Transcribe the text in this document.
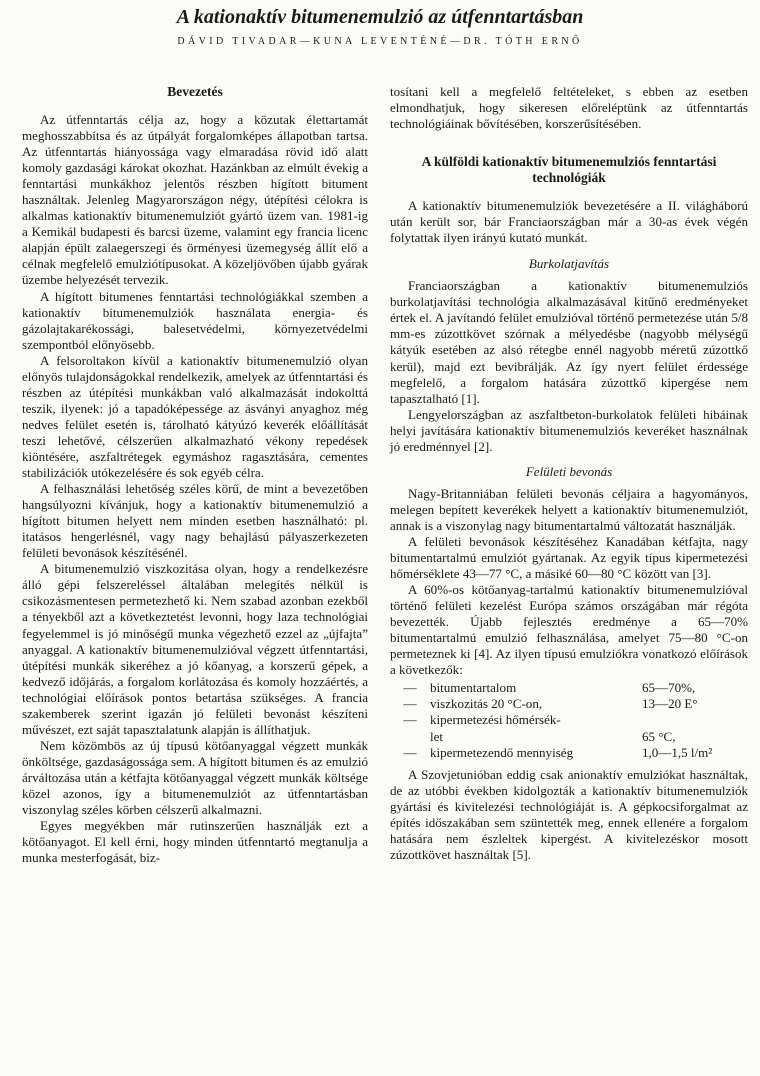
A kationaktív bitumenemulzió az útfenntartásban
DÁVID TIVADAR—KUNA LEVENTÉNÉ—DR. TÓTH ERNŐ
Bevezetés

Az útfenntartás célja az, hogy a közutak élettartamát meghosszabbítsa és az útpályát forgalomképes állapotban tartsa. Az útfenntartás hiányossága vagy elmaradása rövid idő alatt komoly gazdasági károkat okozhat. Hazánkban az elmúlt évekig a fenntartási munkákhoz jelentős részben hígított bitument használtak. Jelenleg Magyarországon négy, útépítési célokra is alkalmas kationaktív bitumenemulziót gyártó üzem van. 1981-ig a Kemikál budapesti és barcsi üzeme, valamint egy francia licenc alapján épült zalaegerszegi és örményesi üzemegység állít elő a célnak megfelelő emulziótípusokat. A közeljövőben újabb gyárak üzembe helyezését tervezik.

A hígított bitumenes fenntartási technológiákkal szemben a kationaktív bitumenemulziók használata energia- és gázolajtakarékossági, balesetvédelmi, környezetvédelmi szempontból előnyösebb.

A felsoroltakon kívül a kationaktív bitumenemulzió olyan előnyös tulajdonságokkal rendelkezik, amelyek az útfenntartási és részben az útépítési munkákban való alkalmazását indokolttá teszik, ilyenek: jó a tapadóképessége az ásványi anyaghoz még nedves felület esetén is, tárolható kátyúzó keverék előállítását teszi lehetővé, célszerűen alkalmazható vékony repedések kiöntésére, aszfaltrétegek egymáshoz ragasztására, cementes stabilizációk utókezelésére és sok egyéb célra.

A felhasználási lehetőség széles körű, de mint a bevezetőben hangsúlyozni kívánjuk, hogy a kationaktív bitumenemulzió a hígított bitumen helyett nem minden esetben használható: pl. itatásos hengerlésnél, vagy nagy behajlású pályaszerkezeten felületi bevonások készítésénél.

A bitumenemulzió viszkozitása olyan, hogy a rendelkezésre álló gépi felszereléssel általában melegítés nélkül is csikozásmentesen permetezhető ki. Nem szabad azonban ezekből a tényekből azt a következtetést levonni, hogy laza technológiai fegyelemmel is jó minőségű munka végezhető ezzel az „újfajta” anyaggal. A kationaktív bitumenemulzióval végzett útfenntartási, útépítési munkák sikeréhez a jó kőanyag, a korszerű gépek, a kedvező időjárás, a forgalom korlátozása és komoly hozzáértés, a technológiai előírások pontos betartása szükséges. A francia szakemberek szerint igazán jó felületi bevonást készíteni művészet, ezt saját tapasztalatunk alapján is állíthatjuk.

Nem közömbös az új típusú kötőanyaggal végzett munkák önköltsége, gazdaságossága sem. A hígított bitumen és az emulzió árváltozása után a kétfajta kötőanyaggal végzett munkák költsége közel azonos, így a bitumenemulziót az útfenntartásban viszonylag széles körben célszerű alkalmazni.

Egyes megyékben már rutinszerűen használják ezt a kötőanyagot. El kell érni, hogy minden útfenntartó megtanulja a munka mesterfogását, biz-

tosítani kell a megfelelő feltételeket, s ebben az esetben elmondhatjuk, hogy sikeresen előreléptünk az útfenntartás technológiáinak bővítésében, korszerűsítésében.

A külföldi kationaktív bitumenemulziós fenntartási technológiák

A kationaktív bitumenemulziók bevezetésére a II. világháború után került sor, bár Franciaországban már a 30-as évek végén folytattak ilyen irányú kutató munkát.

Burkolatjavítás

Franciaországban a kationaktív bitumenemulziós burkolatjavítási technológia alkalmazásával kitűnő eredményeket értek el. A javítandó felület emulzióval történő permetezése után 5/8 mm-es zúzottkövet szórnak a mélyedésbe (nagyobb mélységű kátyúk esetében az alsó rétegbe ennél nagyobb méretű zúzottkő kerül), majd ezt bevibrálják. Az így nyert felület érdessége megfelelő, a forgalom hatására zúzottkő kipergése nem tapasztalható [1].

Lengyelországban az aszfaltbeton-burkolatok felületi hibáinak helyi javítására kationaktív bitumenemulziós keveréket használnak jó eredménnyel [2].

Felületi bevonás

Nagy-Britanniában felületi bevonás céljaira a hagyományos, melegen bepített keverékek helyett a kationaktív bitumenemulziót, annak is a viszonylag nagy bitumentartalmú változatát használják.

A felületi bevonások készítéséhez Kanadában kétfajta, nagy bitumentartalmú emulziót gyártanak. Az egyik típus kipermetezési hőmérséklete 43—77 °C, a másiké 60—80 °C között van [3].

A 60%-os kötőanyag-tartalmú kationaktív bitumenemulzióval történő felületi kezelést Európa számos országában már régóta bevezették. Újabb fejlesztés eredménye a 65—70% bitumentartalmú emulzió felhasználása, amelyet 75—80 °C-on permeteznek ki [4]. Az ilyen típusú emulziókra vonatkozó előírások a következők:

—	bitumentartalom	65—70%,
—	viszkozitás 20 °C-on,	13—20 E°
—	kipermetezési hőmérsék-
let	65 °C,
—	kipermetezendő mennyiség	1,0—1,5 l/m²

A Szovjetunióban eddig csak anionaktív emulziókat használtak, de az utóbbi években kidolgozták a kationaktív bitumenemulziók gyártási és kivitelezési technológiáját is. A gépkocsiforgalmat az építés időszakában sem szüntették meg, ennek ellenére a forgalom hatására nem észleltek kipergést. A kivitelezéskor mosott zúzottkövet használtak [5].
